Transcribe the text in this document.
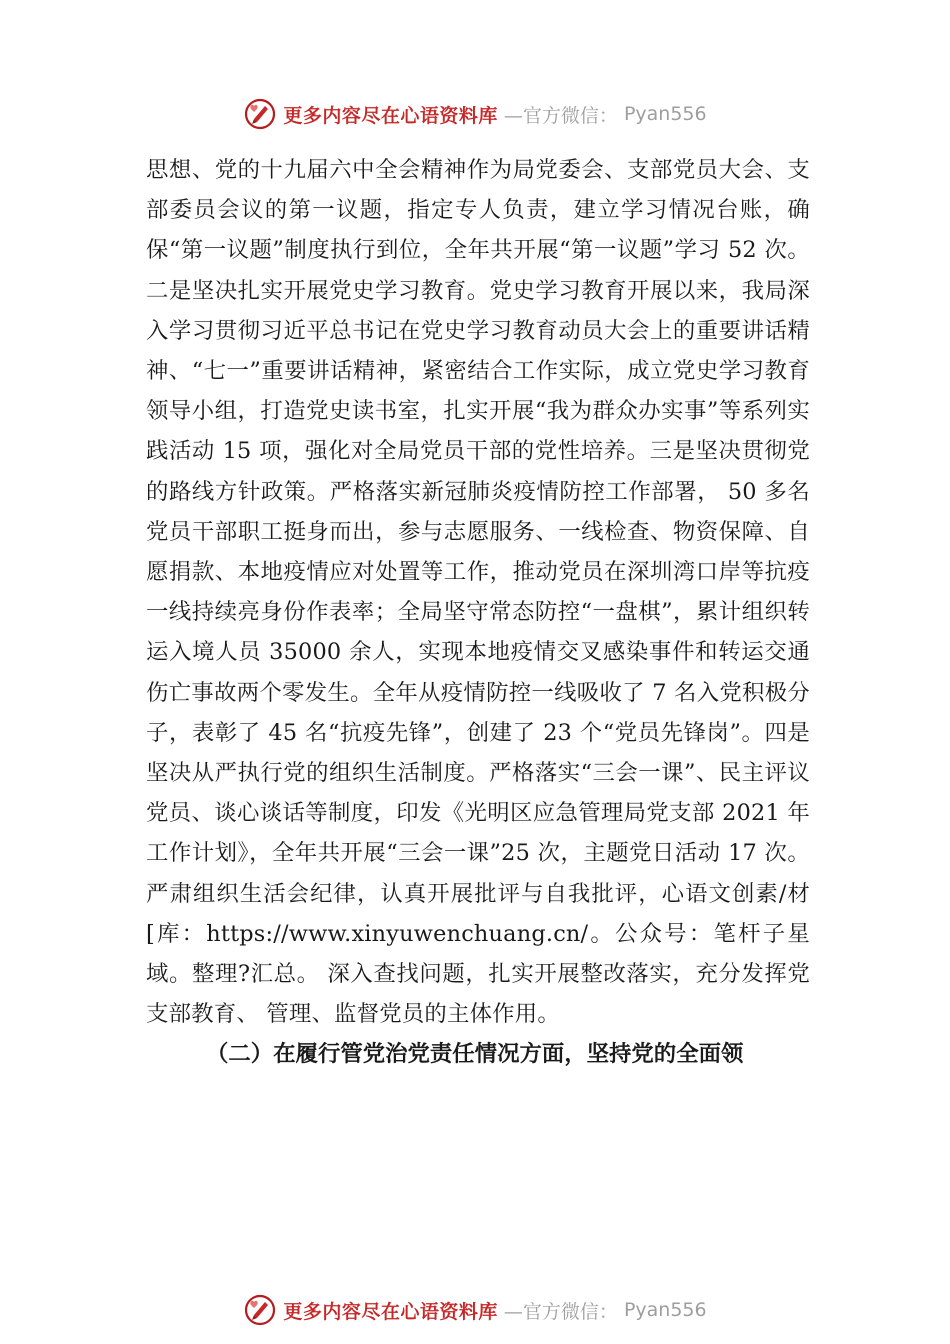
更多内容尽在心语资料库 —官方微信： Pyan556

思想、党的十九届六中全会精神作为局党委会、支部党员大会、支部委员会议的第一议题，指定专人负责，建立学习情况台账，确保“第一议题”制度执行到位，全年共开展“第一议题”学习 52 次。二是坚决扎实开展党史学习教育。党史学习教育开展以来，我局深入学习贯彻习近平总书记在党史学习教育动员大会上的重要讲话精神、“七一”重要讲话精神，紧密结合工作实际，成立党史学习教育领导小组，打造党史读书室，扎实开展“我为群众办实事”等系列实践活动 15 项，强化对全局党员干部的党性培养。三是坚决贯彻党的路线方针政策。严格落实新冠肺炎疫情防控工作部署， 50 多名党员干部职工挺身而出，参与志愿服务、一线检查、物资保障、自愿捐款、本地疫情应对处置等工作，推动党员在深圳湾口岸等抗疫一线持续亮身份作表率；全局坚守常态防控“一盘棋”，累计组织转运入境人员 35000 余人，实现本地疫情交叉感染事件和转运交通伤亡事故两个零发生。全年从疫情防控一线吸收了 7 名入党积极分子，表彰了 45 名“抗疫先锋”，创建了 23 个“党员先锋岗”。四是坚决从严执行党的组织生活制度。严格落实“三会一课”、民主评议党员、谈心谈话等制度，印发《光明区应急管理局党支部 2021 年工作计划》，全年共开展“三会一课”25 次，主题党日活动 17 次。严肃组织生活会纪律，认真开展批评与自我批评，心语文创素/材[库：https://www.xinyuwenchuang.cn/。公众号：笔杆子星域。整理?汇总。 深入查找问题，扎实开展整改落实，充分发挥党支部教育、 管理、监督党员的主体作用。

（二）在履行管党治党责任情况方面，坚持党的全面领

更多内容尽在心语资料库 —官方微信： Pyan556
